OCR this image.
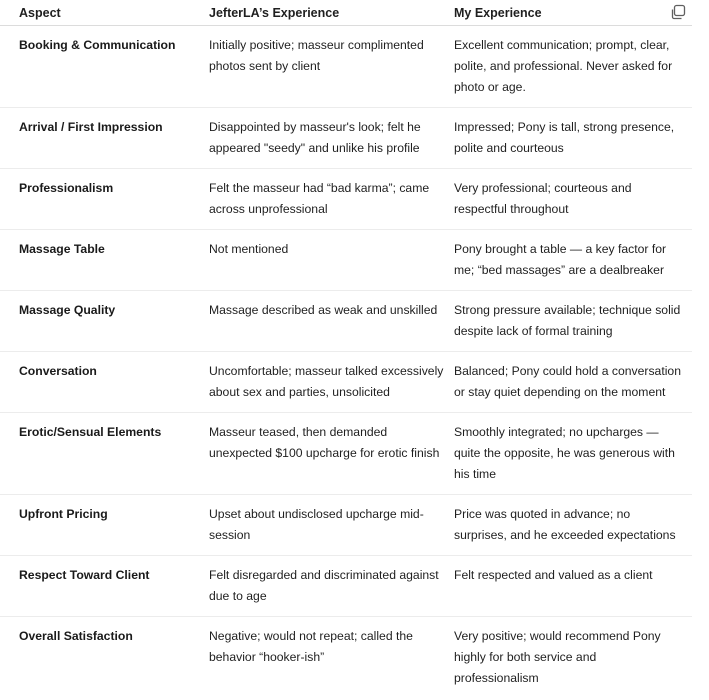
Aspect	JefterLA’s Experience	My Experience
Booking & Communication	Initially positive; masseur complimented photos sent by client	Excellent communication; prompt, clear, polite, and professional. Never asked for photo or age.
Arrival / First Impression	Disappointed by masseur's look; felt he appeared "seedy" and unlike his profile	Impressed; Pony is tall, strong presence, polite and courteous
Professionalism	Felt the masseur had “bad karma”; came across unprofessional	Very professional; courteous and respectful throughout
Massage Table	Not mentioned	Pony brought a table — a key factor for me; “bed massages” are a dealbreaker
Massage Quality	Massage described as weak and unskilled	Strong pressure available; technique solid despite lack of formal training
Conversation	Uncomfortable; masseur talked excessively about sex and parties, unsolicited	Balanced; Pony could hold a conversation or stay quiet depending on the moment
Erotic/Sensual Elements	Masseur teased, then demanded unexpected $100 upcharge for erotic finish	Smoothly integrated; no upcharges — quite the opposite, he was generous with his time
Upfront Pricing	Upset about undisclosed upcharge mid-session	Price was quoted in advance; no surprises, and he exceeded expectations
Respect Toward Client	Felt disregarded and discriminated against due to age	Felt respected and valued as a client
Overall Satisfaction	Negative; would not repeat; called the behavior “hooker-ish”	Very positive; would recommend Pony highly for both service and professionalism
